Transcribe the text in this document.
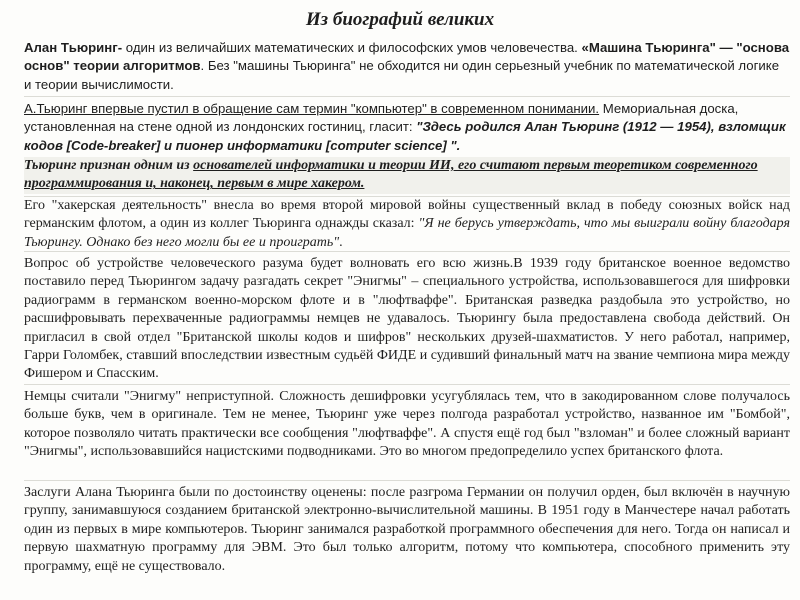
Из биографий великих
Алан Тьюринг- один из величайших математических и философских умов человечества. «Машина Тьюринга" — "основа основ" теории алгоритмов. Без "машины Тьюринга" не обходится ни один серьезный учебник по математической логике и теории вычислимост​и.
А.Тьюринг впервые пустил в обращение сам термин "компьютер" в современном понимании. Мемориальная доска, установленная на стене одной из лондонских гостиниц, гласит: "Здесь родился Алан Тьюринг (1912 — 1954), взломщик кодов [Code-breaker] и пионер информатики [comp​uter science] ".
Тьюринг признан одним из основателей информатики и теории ИИ, его считают первым теоретиком современного программирования и, наконец, первым в мире хакером.
Его "хакерская деятельность" внесла во время второй мировой войны существенный вклад в победу союзных войск над германским флотом, а один из коллег Тьюринга однажды сказал: "Я не берусь утверждать, что мы выиграли войну благодаря Тьюрингу. Однако без него могли бы ее и проиграть".
Вопрос об устройстве человеческого разума будет волновать его всю жизнь.В 1939 году британское военное ведомство поставило перед Тьюрингом задачу разгадать секрет "Энигмы" – специального устройства, использовавшегося для шифровки радиограмм в германском военно-морском флоте и в "люфтваффе". Британская разведка раздобыла это устройство, но расшифровывать перехваченные радиограммы немцев не удавалось. Тьюрингу была предоставлена свобода действий. Он пригласил в свой отдел "Британской школы кодов и шифров" нескольких друзей-шахматистов. У него работал, например, Гарри Голомбек, ставший впоследствии известным судьёй ФИДЕ и судивший финальный матч на звание чемпиона мира между Фишером и Спасским.
Немцы считали "Энигму" неприступной. Сложность дешифровки усугублялась тем, что в закодированном слове получалось больше букв, чем в оригинале. Тем не менее, Тьюринг уже через полгода разработал устройство, названное им "Бомбой", которое позволяло читать практически все сообщения "люфтваффе". А спустя ещё год был "взломан" и более сложный вариант "Энигмы", использовавшийся нацистскими подводниками. Это во многом предопределило успех британского флота.
Заслуги Алана Тьюринга были по достоинству оценены: после разгрома Германии он получил орден, был включён в научную группу, занимавшуюся созданием британской электронно-вычислительной машины. В 1951 году в Манчестере начал работать один из первых в мире компьютеров. Тьюринг занимался разработкой программного обеспечения для него. Тогда он написал и первую шахматную программу для ЭВМ. Это был только алгоритм, потому что компьютера, способного применить эту программу, ещё не существовало.
